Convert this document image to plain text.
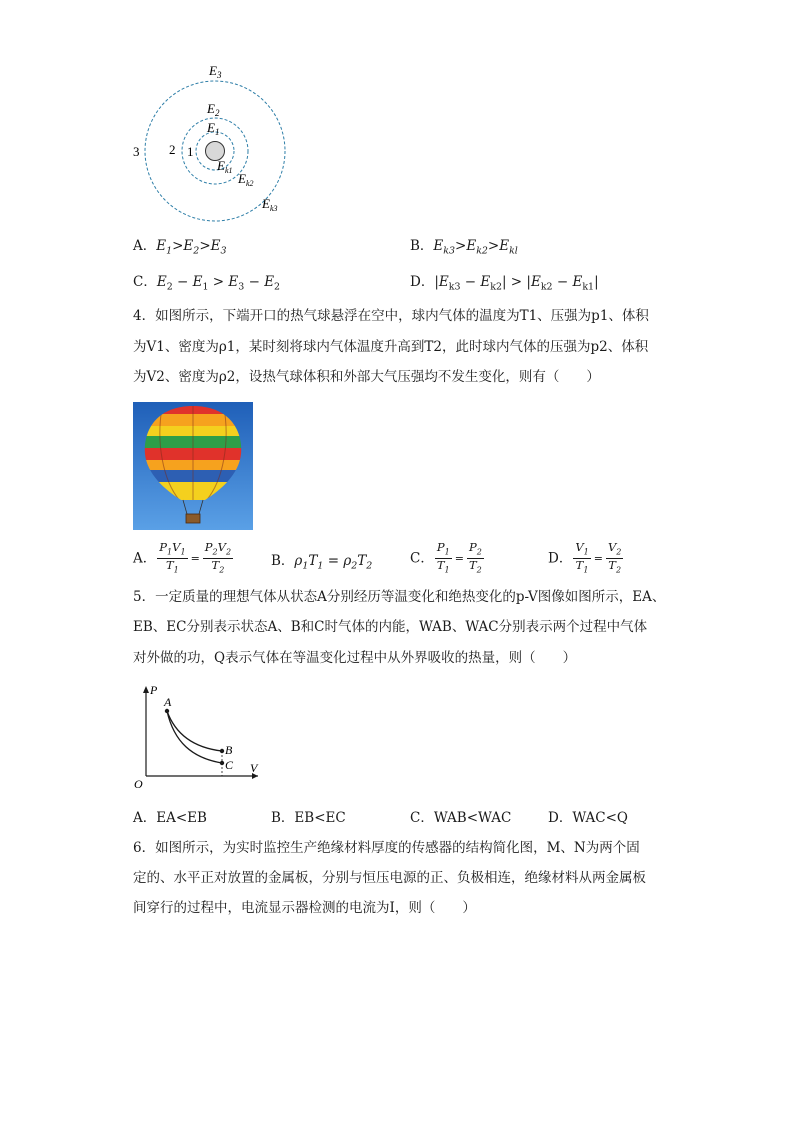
$E_3$
$E_2$
$E_1$
3 2 1
$E_{k1}$
$E_{k2}$
$E_{k3}$
A．$E_1>E_2>E_3$	B．$E_{k3}>E_{k2}>E_{kl}$
C．$E_2 - E_1 > E_3 - E_2$	D．$|E_{k3} - E_{k2}| > |E_{k2} - E_{k1}|$
4．如图所示，下端开口的热气球悬浮在空中，球内气体的温度为T1、压强为p1、体积
为V1、密度为ρ1，某时刻将球内气体温度升高到T2，此时球内气体的压强为p2、体积
为V2、密度为ρ2，设热气球体积和外部大气压强均不发生变化，则有（　　）
A． $\frac{P_1V_1}{T_1} = \frac{P_2V_2}{T_2}$	B．$\rho_1T_1 = \rho_2T_2$	C． $\frac{P_1}{T_1} = \frac{P_2}{T_2}$	D． $\frac{V_1}{T_1} = \frac{V_2}{T_2}$
5．一定质量的理想气体从状态A分别经历等温变化和绝热变化的p-V图像如图所示，EA、
EB、EC分别表示状态A、B和C时气体的内能，WAB、WAC分别表示两个过程中气体
对外做的功，Q表示气体在等温变化过程中从外界吸收的热量，则（　　）
P
V
O
A
B
C
A．EA<EB	B．EB<EC	C．WAB<WAC	D．WAC<Q
6．如图所示，为实时监控生产绝缘材料厚度的传感器的结构简化图，M、N为两个固
定的、水平正对放置的金属板，分别与恒压电源的正、负极相连，绝缘材料从两金属板
间穿行的过程中，电流显示器检测的电流为I，则（　　）
